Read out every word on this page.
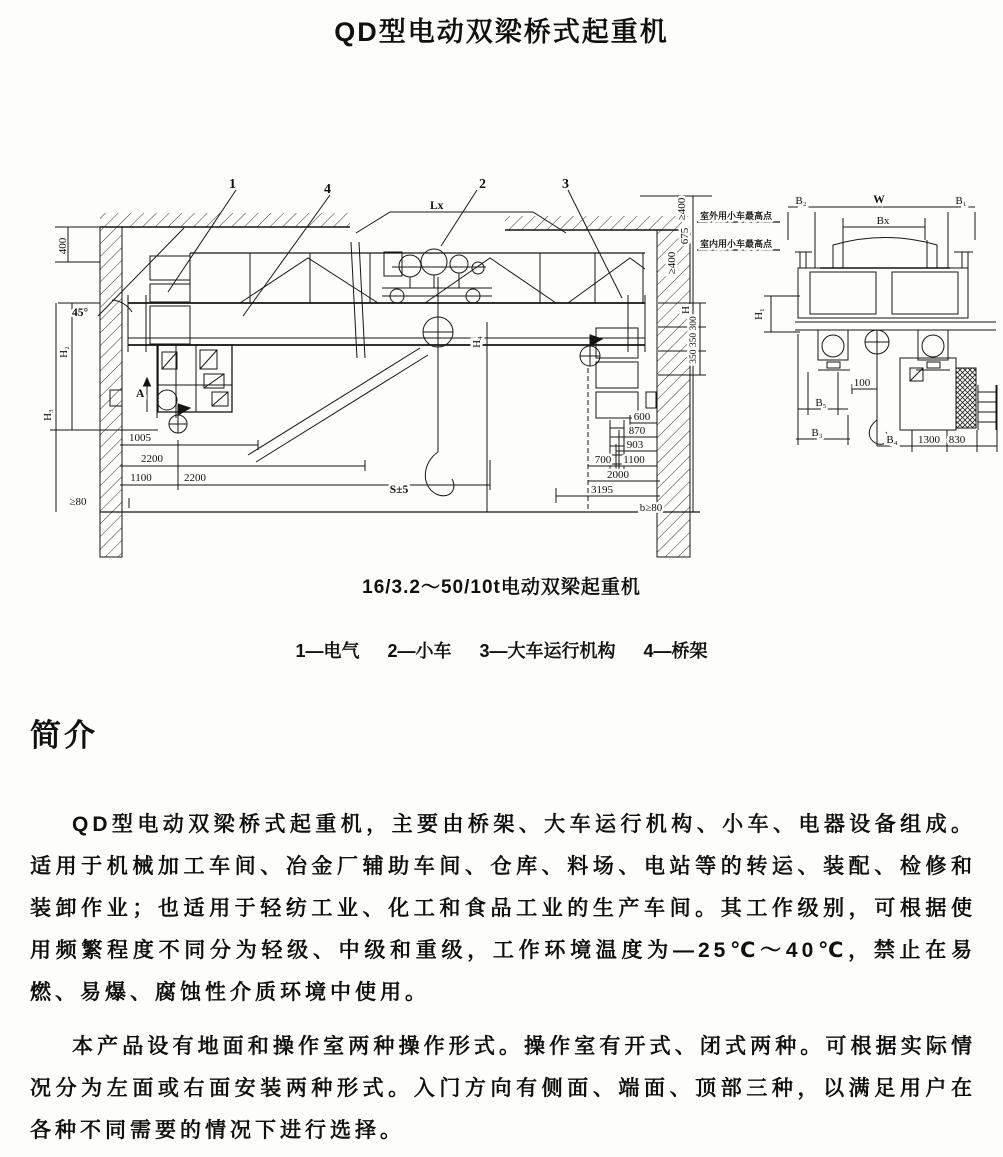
QD型电动双梁桥式起重机
1	2	3
4
Lx
400
45°
H₂
H₃
H₄
室外用小车最高点
室内用小车最高点
≥400
675
≥400
H
350 350 300
600
870
903
700 1100
2000
3195
b≥80
≥80
S±5
1005
2200
1100	2200
A
B₂	W	B₁
Bx
H₁
100
B₅
B₃
B₄ 1300 830
16/3.2～50/10t电动双梁起重机
1—电气 2—小车 3—大车运行机构 4—桥架
简介

QD型电动双梁桥式起重机，主要由桥架、大车运行机构、小车、电器设备组成。适用于机械加工车间、冶金厂辅助车间、仓库、料场、电站等的转运、装配、检修和装卸作业；也适用于轻纺工业、化工和食品工业的生产车间。其工作级别，可根据使用频繁程度不同分为轻级、中级和重级，工作环境温度为—25℃～40℃，禁止在易燃、易爆、腐蚀性介质环境中使用。

本产品设有地面和操作室两种操作形式。操作室有开式、闭式两种。可根据实际情况分为左面或右面安装两种形式。入门方向有侧面、端面、顶部三种，以满足用户在各种不同需要的情况下进行选择。
